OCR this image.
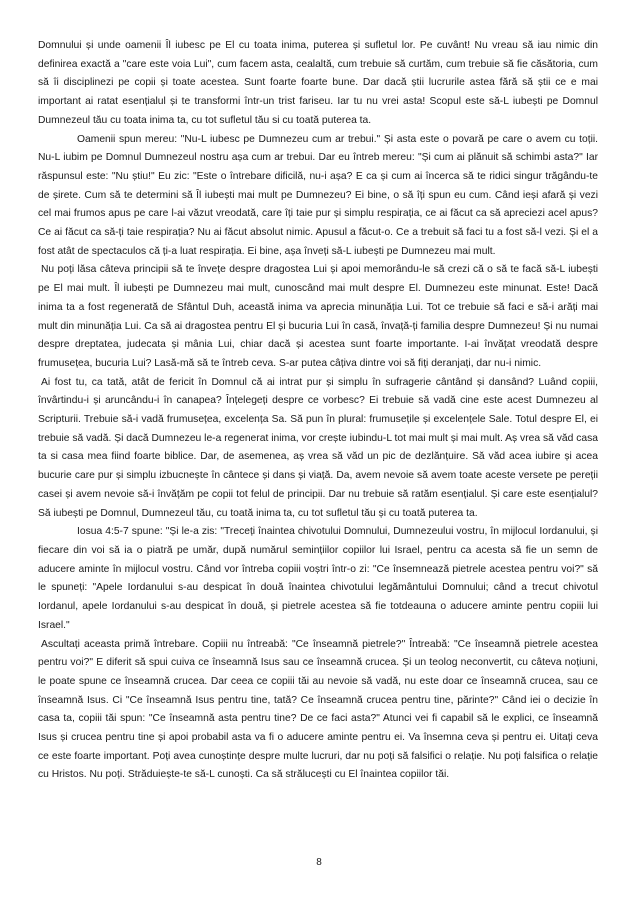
Domnului și unde oamenii Îl iubesc pe El cu toata inima, puterea și sufletul lor. Pe cuvânt! Nu vreau să iau nimic din definirea exactă a "care este voia Lui", cum facem asta, cealaltă, cum trebuie să curtăm, cum trebuie să fie căsătoria, cum să îi disciplinezi pe copii și toate acestea. Sunt foarte foarte bune. Dar dacă știi lucrurile astea fără să știi ce e mai important ai ratat esențialul și te transformi într-un trist fariseu. Iar tu nu vrei asta! Scopul este să-L iubești pe Domnul Dumnezeul tău cu toata inima ta, cu tot sufletul tău si cu toată puterea ta.

Oamenii spun mereu: "Nu-L iubesc pe Dumnezeu cum ar trebui." Și asta este o povară pe care o avem cu toții. Nu-L iubim pe Domnul Dumnezeul nostru așa cum ar trebui. Dar eu întreb mereu: "Și cum ai plănuit să schimbi asta?" Iar răspunsul este: "Nu știu!" Eu zic: "Este o întrebare dificilă, nu-i așa? E ca și cum ai încerca să te ridici singur trăgându-te de șirete. Cum să te determini să Îl iubești mai mult pe Dumnezeu? Ei bine, o să îți spun eu cum. Când ieși afară și vezi cel mai frumos apus pe care l-ai văzut vreodată, care îți taie pur și simplu respirația, ce ai făcut ca să apreciezi acel apus? Ce ai făcut ca să-ți taie respirația? Nu ai făcut absolut nimic. Apusul a făcut-o. Ce a trebuit să faci tu a fost să-l vezi. Și el a fost atât de spectaculos că ți-a luat respirația. Ei bine, așa înveți să-L iubești pe Dumnezeu mai mult.

Nu poți lăsa câteva principii să te învețe despre dragostea Lui și apoi memorându-le să crezi că o să te facă să-L iubești pe El mai mult. Îl iubești pe Dumnezeu mai mult, cunoscând mai mult despre El. Dumnezeu este minunat. Este! Dacă inima ta a fost regenerată de Sfântul Duh, această inima va aprecia minunăția Lui. Tot ce trebuie să faci e să-i arăți mai mult din minunăția Lui. Ca să ai dragostea pentru El și bucuria Lui în casă, învață-ți familia despre Dumnezeu! Și nu numai despre dreptatea, judecata și mânia Lui, chiar dacă și acestea sunt foarte importante. I-ai învățat vreodată despre frumusețea, bucuria Lui? Lasă-mă să te întreb ceva. S-ar putea câțiva dintre voi să fiți deranjați, dar nu-i nimic.

Ai fost tu, ca tată, atât de fericit în Domnul că ai intrat pur și simplu în sufragerie cântând și dansând? Luând copiii, învârtindu-i și aruncându-i în canapea? Înțelegeți despre ce vorbesc? Ei trebuie să vadă cine este acest Dumnezeu al Scripturii. Trebuie să-i vadă frumusețea, excelența Sa. Să pun în plural: frumusețile și excelențele Sale. Totul despre El, ei trebuie să vadă. Și dacă Dumnezeu le-a regenerat inima, vor crește iubindu-L tot mai mult și mai mult. Aș vrea să văd casa ta si casa mea fiind foarte biblice. Dar, de asemenea, aș vrea să văd un pic de dezlănțuire. Să văd acea iubire și acea bucurie care pur și simplu izbucnește în cântece și dans și viață. Da, avem nevoie să avem toate aceste versete pe pereții casei și avem nevoie să-i învățăm pe copii tot felul de principii. Dar nu trebuie să ratăm esențialul. Și care este esențialul? Să iubești pe Domnul, Dumnezeul tău, cu toată inima ta, cu tot sufletul tău și cu toată puterea ta.

Iosua 4:5-7 spune: "Și le-a zis: "Treceți înaintea chivotului Domnului, Dumnezeului vostru, în mijlocul Iordanului, și fiecare din voi să ia o piatră pe umăr, după numărul semințiilor copiilor lui Israel, pentru ca acesta să fie un semn de aducere aminte în mijlocul vostru. Când vor întreba copiii voștri într-o zi: "Ce însemnează pietrele acestea pentru voi?" să le spuneți: "Apele Iordanului s-au despicat în două înaintea chivotului legământului Domnului; când a trecut chivotul Iordanul, apele Iordanului s-au despicat în două, și pietrele acestea să fie totdeauna o aducere aminte pentru copiii lui Israel."

Ascultați aceasta primă întrebare. Copiii nu întreabă: "Ce înseamnă pietrele?" Întreabă: "Ce înseamnă pietrele acestea pentru voi?" E diferit să spui cuiva ce înseamnă Isus sau ce înseamnă crucea. Și un teolog neconvertit, cu câteva noțiuni, le poate spune ce înseamnă crucea. Dar ceea ce copiii tăi au nevoie să vadă, nu este doar ce înseamnă crucea, sau ce înseamnă Isus. Ci "Ce înseamnă Isus pentru tine, tată? Ce înseamnă crucea pentru tine, părinte?" Când iei o decizie în casa ta, copiii tăi spun: "Ce înseamnă asta pentru tine? De ce faci asta?" Atunci vei fi capabil să le explici, ce înseamnă Isus și crucea pentru tine și apoi probabil asta va fi o aducere aminte pentru ei. Va însemna ceva și pentru ei. Uitați ceva ce este foarte important. Poți avea cunoștințe despre multe lucruri, dar nu poți să falsifici o relație. Nu poți falsifica o relație cu Hristos. Nu poți. Străduiește-te să-L cunoști. Ca să strălucești cu El înaintea copiilor tăi.

8
